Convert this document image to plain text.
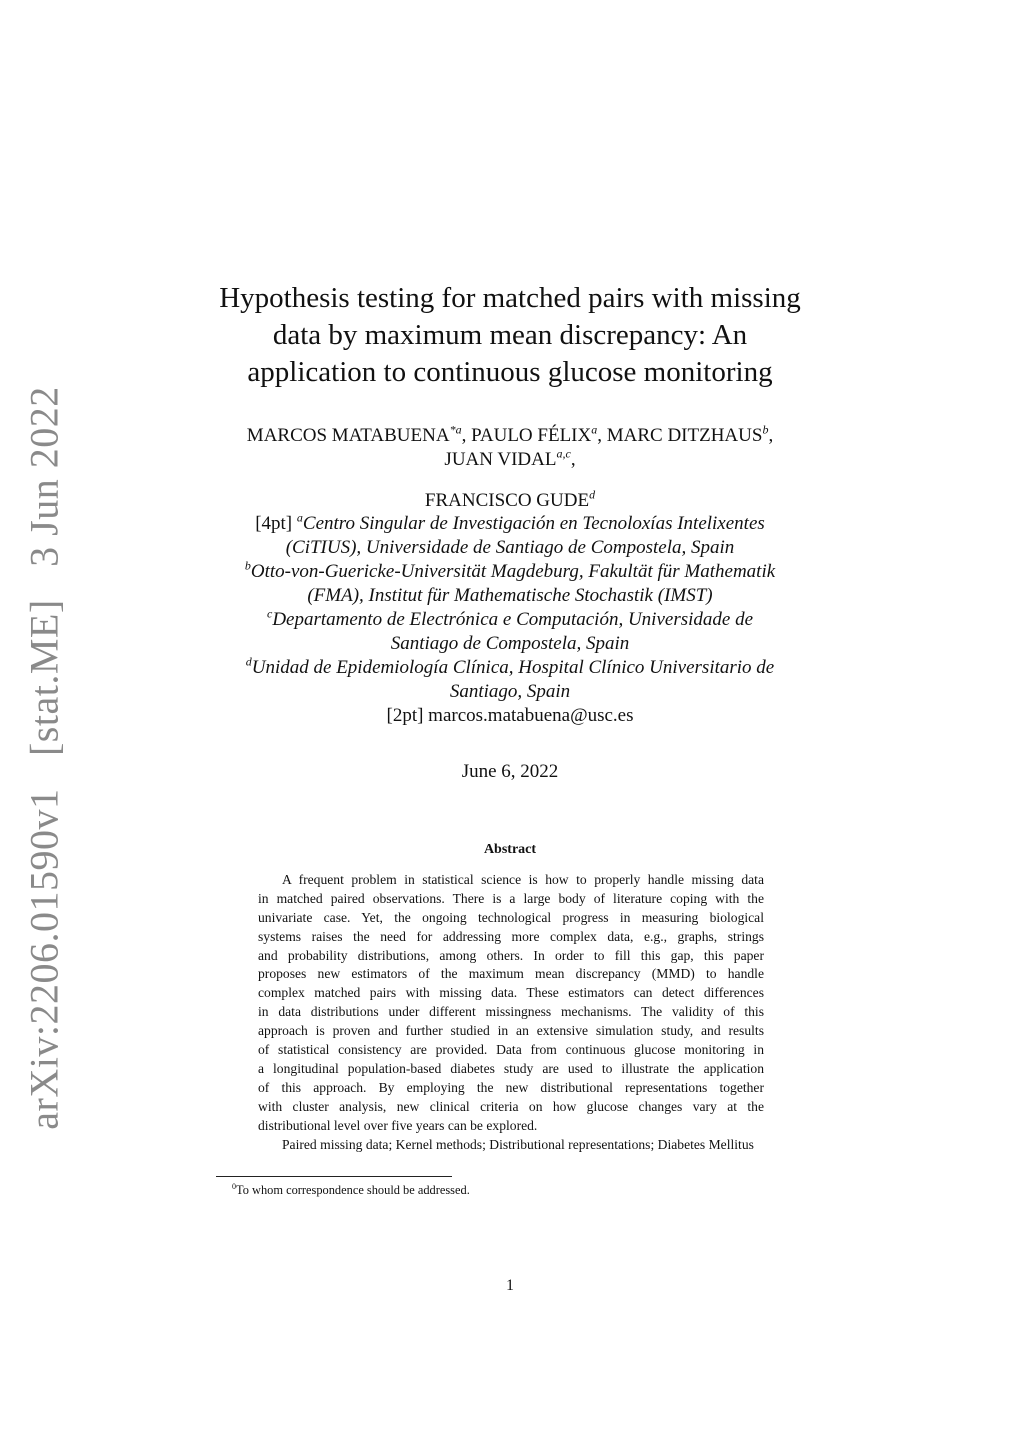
arXiv:2206.01590v1 [stat.ME] 3 Jun 2022
Hypothesis testing for matched pairs with missing
data by maximum mean discrepancy: An
application to continuous glucose monitoring
MARCOS MATABUENA$^{*a}$, PAULO FÉLIX$^a$, MARC DITZHAUS$^b$,
JUAN VIDAL$^{a,c}$,
FRANCISCO GUDE$^d$
[4pt] $^a$Centro Singular de Investigación en Tecnoloxías Intelixentes
(CiTIUS), Universidade de Santiago de Compostela, Spain
$^b$Otto-von-Guericke-Universität Magdeburg, Fakultät für Mathematik
(FMA), Institut für Mathematische Stochastik (IMST)
$^c$Departamento de Electrónica e Computación, Universidade de
Santiago de Compostela, Spain
$^d$Unidad de Epidemiología Clínica, Hospital Clínico Universitario de
Santiago, Spain
[2pt] marcos.matabuena@usc.es
June 6, 2022
Abstract
A frequent problem in statistical science is how to properly handle missing data
in matched paired observations. There is a large body of literature coping with the
univariate case. Yet, the ongoing technological progress in measuring biological
systems raises the need for addressing more complex data, e.g., graphs, strings
and probability distributions, among others. In order to fill this gap, this paper
proposes new estimators of the maximum mean discrepancy (MMD) to handle
complex matched pairs with missing data. These estimators can detect differences
in data distributions under different missingness mechanisms. The validity of this
approach is proven and further studied in an extensive simulation study, and results
of statistical consistency are provided. Data from continuous glucose monitoring in
a longitudinal population-based diabetes study are used to illustrate the application
of this approach. By employing the new distributional representations together
with cluster analysis, new clinical criteria on how glucose changes vary at the
distributional level over five years can be explored.
Paired missing data; Kernel methods; Distributional representations; Diabetes Mellitus
$^0$To whom correspondence should be addressed.
1
